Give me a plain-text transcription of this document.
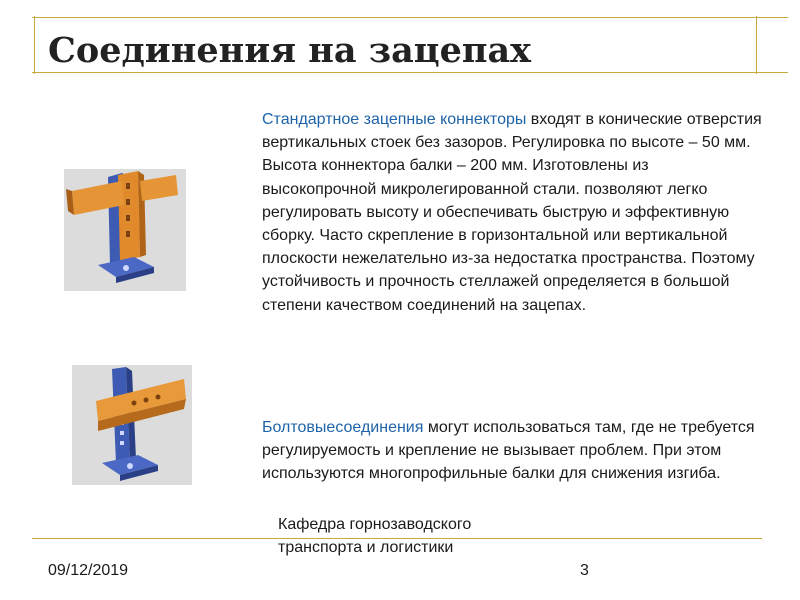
Соединения на зацепах
Стандартное зацепные коннекторы входят в конические отверстия вертикальных стоек без зазоров. Регулировка по высоте – 50 мм. Высота коннектора балки – 200 мм. Изготовлены из высокопрочной микролегированной стали. позволяют легко регулировать высоту и обеспечивать быструю и эффективную сборку. Часто скрепление в горизонтальной или вертикальной плоскости нежелательно из-за недостатка пространства. Поэтому устойчивость и прочность стеллажей определяется в большой степени качеством соединений на зацепах.
Болтовыесоединения могут использоваться там, где не требуется регулируемость и крепление не вызывает проблем. При этом используются многопрофильные балки для снижения изгиба.
09/12/2019
Кафедра горнозаводского транспорта и логистики
3
